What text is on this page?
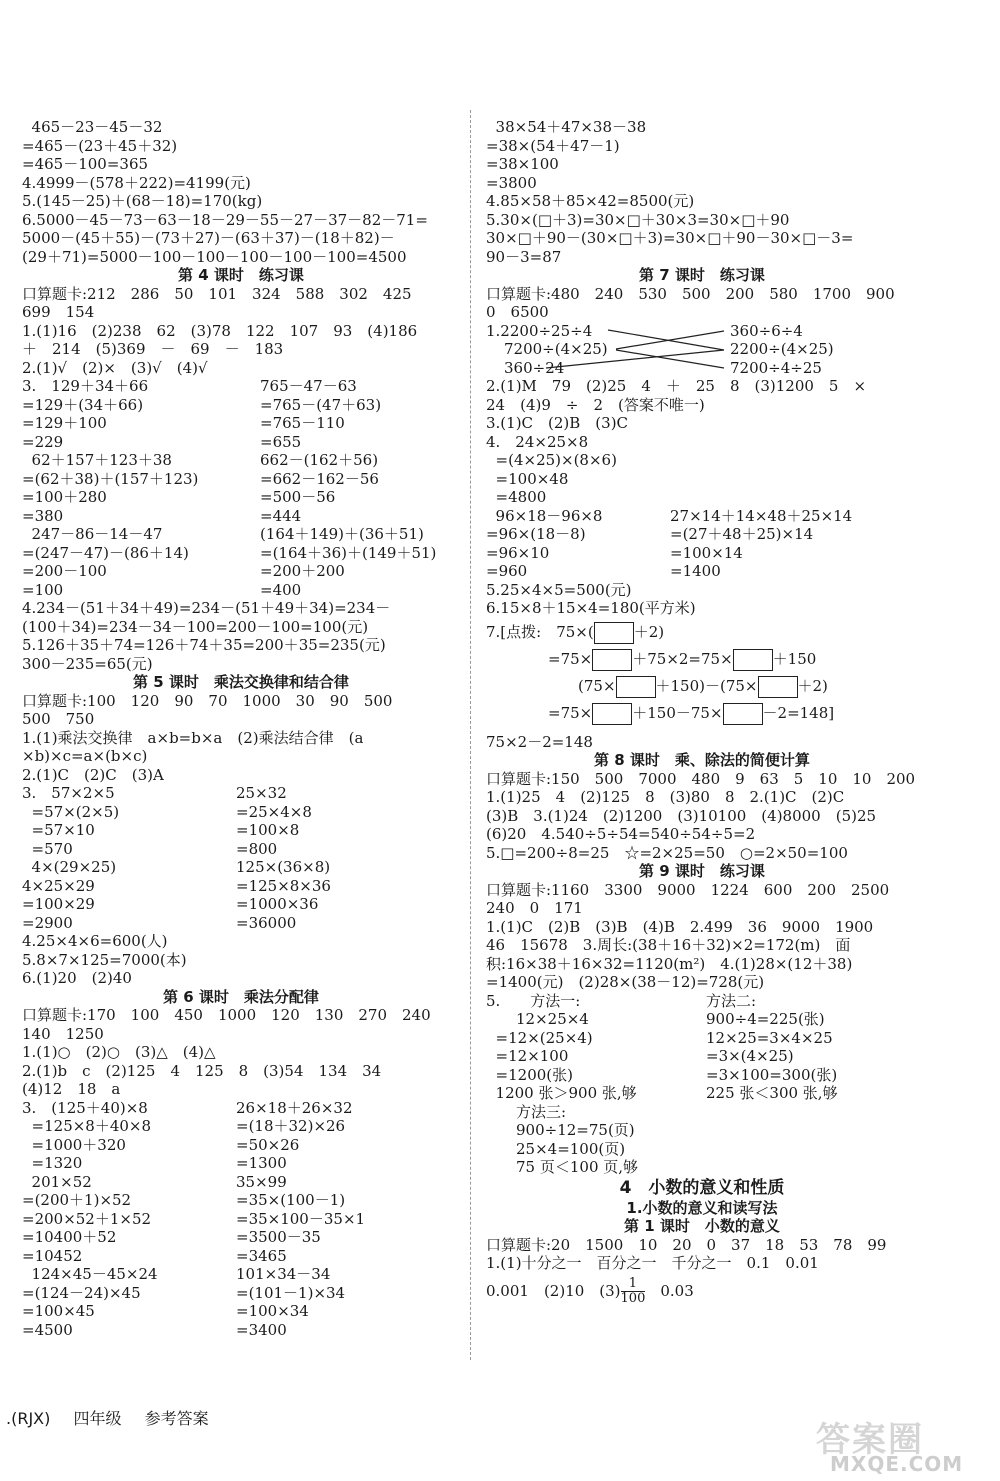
465－23－45－32
=465－(23＋45＋32)
=465－100=365
4.4999－(578＋222)=4199(元)
5.(145－25)＋(68－18)=170(kg)
6.5000－45－73－63－18－29－55－27－37－82－71=
5000－(45＋55)－(73＋27)－(63＋37)－(18＋82)－
(29＋71)=5000－100－100－100－100－100=4500
第 4 课时　练习课
口算题卡:212　286　50　101　324　588　302　425
699　154
1.(1)16　(2)238　62　(3)78　122　107　93　(4)186
＋　214　(5)369　－　69　－　183
2.(1)√　(2)×　(3)√　(4)√
3.　129＋34＋66	765－47－63
=129＋(34＋66)	=765－(47＋63)
=129＋100	=765－110
=229	=655
62＋157＋123＋38	662－(162＋56)
=(62＋38)＋(157＋123)	=662－162－56
=100＋280	=500－56
=380	=444
247－86－14－47	(164＋149)＋(36＋51)
=(247－47)－(86＋14)	=(164＋36)＋(149＋51)
=200－100	=200＋200
=100	=400
4.234－(51＋34＋49)=234－(51＋49＋34)=234－
(100＋34)=234－34－100=200－100=100(元)
5.126＋35＋74=126＋74＋35=200＋35=235(元)
300－235=65(元)
第 5 课时　乘法交换律和结合律
口算题卡:100　120　90　70　1000　30　90　500
500　750
1.(1)乘法交换律　a×b=b×a　(2)乘法结合律　(a
×b)×c=a×(b×c)
2.(1)C　(2)C　(3)A
3.　57×2×5	25×32
=57×(2×5)	=25×4×8
=57×10	=100×8
=570	=800
4×(29×25)	125×(36×8)
4×25×29	=125×8×36
=100×29	=1000×36
=2900	=36000
4.25×4×6=600(人)
5.8×7×125=7000(本)
6.(1)20　(2)40
第 6 课时　乘法分配律
口算题卡:170　100　450　1000　120　130　270　240
140　1250
1.(1)○　(2)○　(3)△　(4)△
2.(1)b　c　(2)125　4　125　8　(3)54　134　34
(4)12　18　a
3.　(125＋40)×8	26×18＋26×32
=125×8＋40×8	=(18＋32)×26
=1000＋320	=50×26
=1320	=1300
201×52	35×99
=(200＋1)×52	=35×(100－1)
=200×52＋1×52	=35×100－35×1
=10400＋52	=3500－35
=10452	=3465
124×45－45×24	101×34－34
=(124－24)×45	=(101－1)×34
=100×45	=100×34
=4500	=3400
38×54＋47×38－38
=38×(54＋47－1)
=38×100
=3800
4.85×58＋85×42=8500(元)
5.30×(□＋3)=30×□＋30×3=30×□＋90
30×□＋90－(30×□＋3)=30×□＋90－30×□－3=
90－3=87
第 7 课时　练习课
口算题卡:480　240　530　500　200　580　1700　900
0　6500
1.2200÷25÷4
7200÷(4×25)
360÷24
360÷6÷4
2200÷(4×25)
7200÷4÷25
2.(1)M　79　(2)25　4　＋　25　8　(3)1200　5　×
24　(4)9　÷　2　(答案不唯一)
3.(1)C　(2)B　(3)C
4.　24×25×8
=(4×25)×(8×6)
=100×48
=4800
96×18－96×8	27×14＋14×48＋25×14
=96×(18－8)	=(27＋48＋25)×14
=96×10	=100×14
=960	=1400
5.25×4×5=500(元)
6.15×8＋15×4=180(平方米)
7.[点拨:　75×(	＋2)
=75×	＋75×2=75×	＋150
(75×	＋150)－(75×	＋2)
=75×	＋150－75×	－2=148]
75×2－2=148
第 8 课时　乘、除法的简便计算
口算题卡:150　500　7000　480　9　63　5　10　10　200
1.(1)25　4　(2)125　8　(3)80　8　2.(1)C　(2)C
(3)B　3.(1)24　(2)1200　(3)10100　(4)8000　(5)25
(6)20　4.540÷5÷54=540÷54÷5=2
5.□=200÷8=25　☆=2×25=50　○=2×50=100
第 9 课时　练习课
口算题卡:1160　3300　9000　1224　600　200　2500
240　0　171
1.(1)C　(2)B　(3)B　(4)B　2.499　36　9000　1900
46　15678　3.周长:(38＋16＋32)×2=172(m)　面
积:16×38＋16×32=1120(m²)　4.(1)28×(12＋38)
=1400(元)　(2)28×(38－12)=728(元)
5.　　方法一:	方法二:
　　12×25×4	900÷4=225(张)
=12×(25×4)	12×25=3×4×25
=12×100	=3×(4×25)
=1200(张)	=3×100=300(张)
1200 张＞900 张,够	225 张＜300 张,够
　　方法三:
　　900÷12=75(页)
　　25×4=100(页)
　　75 页＜100 页,够
4　小数的意义和性质
1.小数的意义和读写法
第 1 课时　小数的意义
口算题卡:20　1500　10　20　0　37　18　53　78　99
1.(1)十分之一　百分之一　千分之一　0.1　0.01
0.001　(2)10　$(3) \frac{1}{100}$ 　0.03
.(RJX) 四年级 参考答案
答案圈
MXQE.COM
